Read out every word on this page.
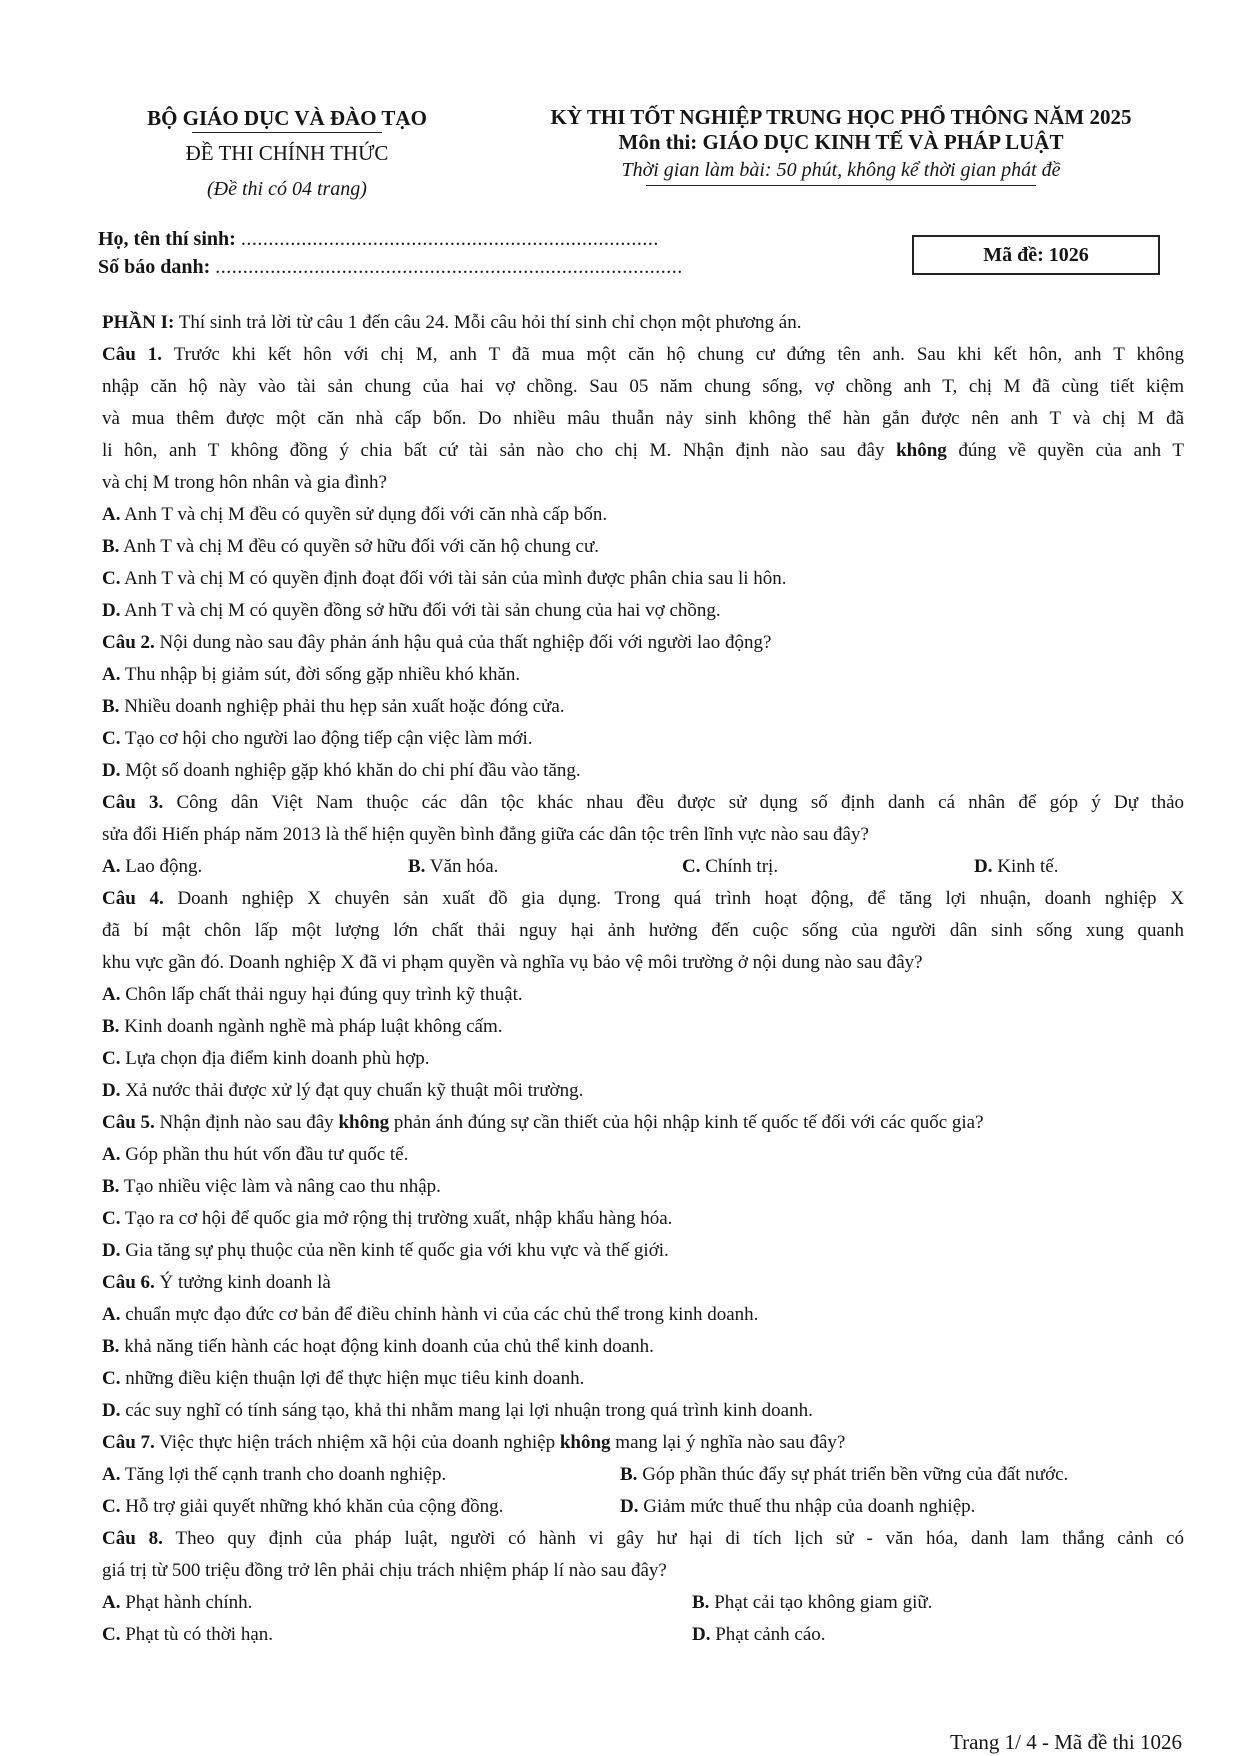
BỘ GIÁO DỤC VÀ ĐÀO TẠO
ĐỀ THI CHÍNH THỨC
(Đề thi có 04 trang)
KỲ THI TỐT NGHIỆP TRUNG HỌC PHỔ THÔNG NĂM 2025
Môn thi: GIÁO DỤC KINH TẾ VÀ PHÁP LUẬT
Thời gian làm bài: 50 phút, không kể thời gian phát đề
Họ, tên thí sinh: ............................................................................
Số báo danh: .....................................................................................
Mã đề: 1026
PHẦN I: Thí sinh trả lời từ câu 1 đến câu 24. Mỗi câu hỏi thí sinh chỉ chọn một phương án.
Câu 1. Trước khi kết hôn với chị M, anh T đã mua một căn hộ chung cư đứng tên anh. Sau khi kết hôn, anh T không
nhập căn hộ này vào tài sản chung của hai vợ chồng. Sau 05 năm chung sống, vợ chồng anh T, chị M đã cùng tiết kiệm
và mua thêm được một căn nhà cấp bốn. Do nhiều mâu thuẫn nảy sinh không thể hàn gắn được nên anh T và chị M đã
li hôn, anh T không đồng ý chia bất cứ tài sản nào cho chị M. Nhận định nào sau đây không đúng về quyền của anh T
và chị M trong hôn nhân và gia đình?
A. Anh T và chị M đều có quyền sử dụng đối với căn nhà cấp bốn.
B. Anh T và chị M đều có quyền sở hữu đối với căn hộ chung cư.
C. Anh T và chị M có quyền định đoạt đối với tài sản của mình được phân chia sau li hôn.
D. Anh T và chị M có quyền đồng sở hữu đối với tài sản chung của hai vợ chồng.
Câu 2. Nội dung nào sau đây phản ánh hậu quả của thất nghiệp đối với người lao động?
A. Thu nhập bị giảm sút, đời sống gặp nhiều khó khăn.
B. Nhiều doanh nghiệp phải thu hẹp sản xuất hoặc đóng cửa.
C. Tạo cơ hội cho người lao động tiếp cận việc làm mới.
D. Một số doanh nghiệp gặp khó khăn do chi phí đầu vào tăng.
Câu 3. Công dân Việt Nam thuộc các dân tộc khác nhau đều được sử dụng số định danh cá nhân để góp ý Dự thảo
sửa đổi Hiến pháp năm 2013 là thể hiện quyền bình đẳng giữa các dân tộc trên lĩnh vực nào sau đây?
A. Lao động.	B. Văn hóa.	C. Chính trị.	D. Kinh tế.
Câu 4. Doanh nghiệp X chuyên sản xuất đồ gia dụng. Trong quá trình hoạt động, để tăng lợi nhuận, doanh nghiệp X
đã bí mật chôn lấp một lượng lớn chất thải nguy hại ảnh hưởng đến cuộc sống của người dân sinh sống xung quanh
khu vực gần đó. Doanh nghiệp X đã vi phạm quyền và nghĩa vụ bảo vệ môi trường ở nội dung nào sau đây?
A. Chôn lấp chất thải nguy hại đúng quy trình kỹ thuật.
B. Kinh doanh ngành nghề mà pháp luật không cấm.
C. Lựa chọn địa điểm kinh doanh phù hợp.
D. Xả nước thải được xử lý đạt quy chuẩn kỹ thuật môi trường.
Câu 5. Nhận định nào sau đây không phản ánh đúng sự cần thiết của hội nhập kinh tế quốc tế đối với các quốc gia?
A. Góp phần thu hút vốn đầu tư quốc tế.
B. Tạo nhiều việc làm và nâng cao thu nhập.
C. Tạo ra cơ hội để quốc gia mở rộng thị trường xuất, nhập khẩu hàng hóa.
D. Gia tăng sự phụ thuộc của nền kinh tế quốc gia với khu vực và thế giới.
Câu 6. Ý tưởng kinh doanh là
A. chuẩn mực đạo đức cơ bản để điều chỉnh hành vi của các chủ thể trong kinh doanh.
B. khả năng tiến hành các hoạt động kinh doanh của chủ thể kinh doanh.
C. những điều kiện thuận lợi để thực hiện mục tiêu kinh doanh.
D. các suy nghĩ có tính sáng tạo, khả thi nhằm mang lại lợi nhuận trong quá trình kinh doanh.
Câu 7. Việc thực hiện trách nhiệm xã hội của doanh nghiệp không mang lại ý nghĩa nào sau đây?
A. Tăng lợi thế cạnh tranh cho doanh nghiệp.	B. Góp phần thúc đẩy sự phát triển bền vững của đất nước.
C. Hỗ trợ giải quyết những khó khăn của cộng đồng.	D. Giảm mức thuế thu nhập của doanh nghiệp.
Câu 8. Theo quy định của pháp luật, người có hành vi gây hư hại di tích lịch sử - văn hóa, danh lam thắng cảnh có
giá trị từ 500 triệu đồng trở lên phải chịu trách nhiệm pháp lí nào sau đây?
A. Phạt hành chính.	B. Phạt cải tạo không giam giữ.
C. Phạt tù có thời hạn.	D. Phạt cảnh cáo.
Trang 1/ 4 - Mã đề thi 1026
